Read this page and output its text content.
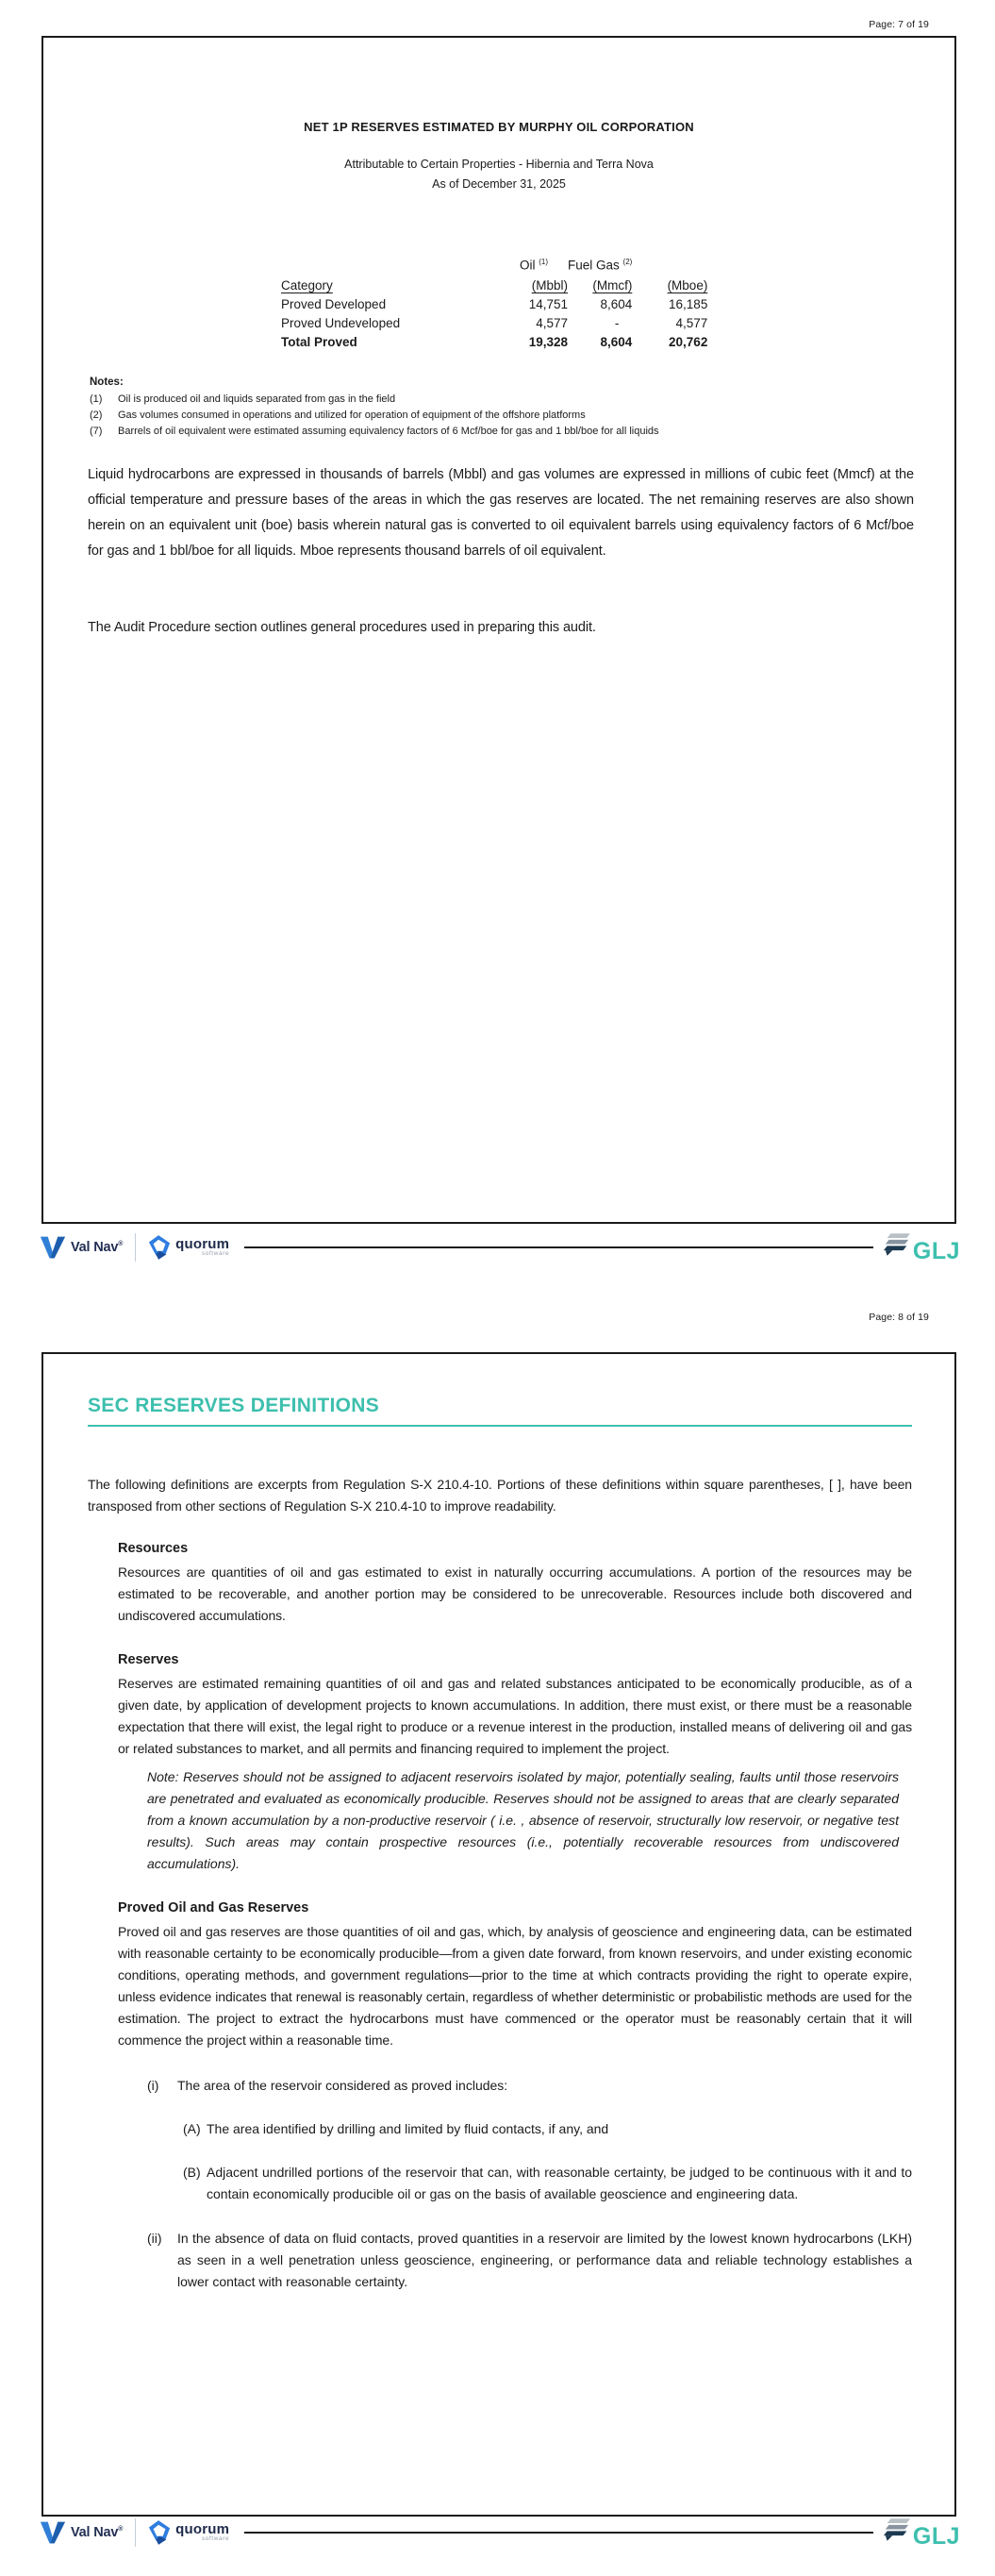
Page: 7 of 19
NET 1P RESERVES ESTIMATED BY MURPHY OIL CORPORATION
Attributable to Certain Properties - Hibernia and Terra Nova
As of December 31, 2025
	Oil $^{(1)}$	Fuel Gas $^{(2)}$	
Category	(Mbbl)	(Mmcf)	(Mboe)
Proved Developed	14,751	8,604	16,185
Proved Undeveloped	4,577	-	4,577
Total Proved	19,328	8,604	20,762
Notes:
(1)	Oil is produced oil and liquids separated from gas in the field
(2)	Gas volumes consumed in operations and utilized for operation of equipment of the offshore platforms
(7)	Barrels of oil equivalent were estimated assuming equivalency factors of 6 Mcf/boe for gas and 1 bbl/boe for all liquids
Liquid hydrocarbons are expressed in thousands of barrels (Mbbl) and gas volumes are expressed in millions of cubic feet (Mmcf) at the official temperature and pressure bases of the areas in which the gas reserves are located. The net remaining reserves are also shown herein on an equivalent unit (boe) basis wherein natural gas is converted to oil equivalent barrels using equivalency factors of 6 Mcf/boe for gas and 1 bbl/boe for all liquids. Mboe represents thousand barrels of oil equivalent.
The Audit Procedure section outlines general procedures used in preparing this audit.
Val Nav®	quorum
software	GLJ
Page: 8 of 19
SEC RESERVES DEFINITIONS
The following definitions are excerpts from Regulation S-X 210.4-10. Portions of these definitions within square parentheses, [ ], have been transposed from other sections of Regulation S-X 210.4-10 to improve readability.
Resources
Resources are quantities of oil and gas estimated to exist in naturally occurring accumulations. A portion of the resources may be estimated to be recoverable, and another portion may be considered to be unrecoverable. Resources include both discovered and undiscovered accumulations.
Reserves
Reserves are estimated remaining quantities of oil and gas and related substances anticipated to be economically producible, as of a given date, by application of development projects to known accumulations. In addition, there must exist, or there must be a reasonable expectation that there will exist, the legal right to produce or a revenue interest in the production, installed means of delivering oil and gas or related substances to market, and all permits and financing required to implement the project.
Note: Reserves should not be assigned to adjacent reservoirs isolated by major, potentially sealing, faults until those reservoirs are penetrated and evaluated as economically producible. Reserves should not be assigned to areas that are clearly separated from a known accumulation by a non-productive reservoir ( i.e. , absence of reservoir, structurally low reservoir, or negative test results). Such areas may contain prospective resources (i.e., potentially recoverable resources from undiscovered accumulations).
Proved Oil and Gas Reserves
Proved oil and gas reserves are those quantities of oil and gas, which, by analysis of geoscience and engineering data, can be estimated with reasonable certainty to be economically producible—from a given date forward, from known reservoirs, and under existing economic conditions, operating methods, and government regulations—prior to the time at which contracts providing the right to operate expire, unless evidence indicates that renewal is reasonably certain, regardless of whether deterministic or probabilistic methods are used for the estimation. The project to extract the hydrocarbons must have commenced or the operator must be reasonably certain that it will commence the project within a reasonable time.
(i)	The area of the reservoir considered as proved includes:
(A) The area identified by drilling and limited by fluid contacts, if any, and
(B) Adjacent undrilled portions of the reservoir that can, with reasonable certainty, be judged to be continuous with it and to contain economically producible oil or gas on the basis of available geoscience and engineering data.
(ii)	In the absence of data on fluid contacts, proved quantities in a reservoir are limited by the lowest known hydrocarbons (LKH) as seen in a well penetration unless geoscience, engineering, or performance data and reliable technology establishes a lower contact with reasonable certainty.
Val Nav®	quorum
software	GLJ
